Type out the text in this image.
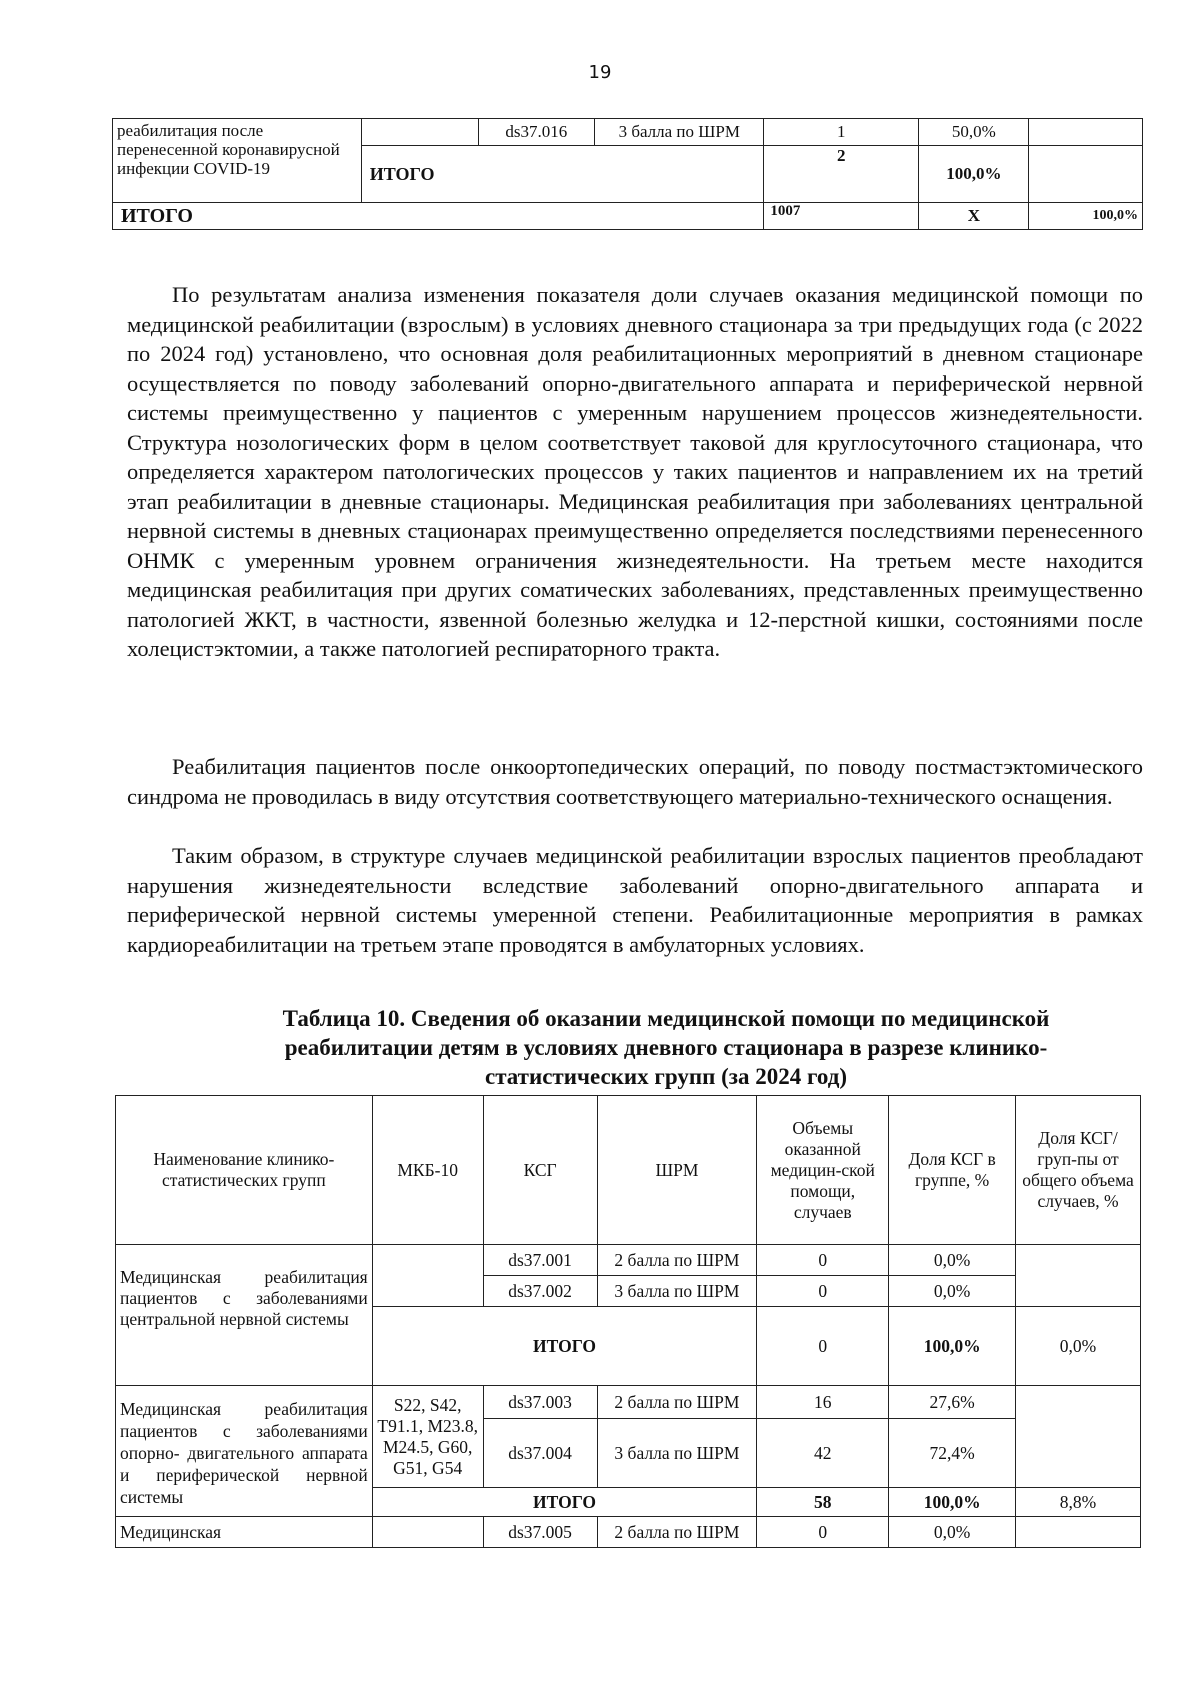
19
реабилитация после перенесенной коронавирусной инфекции COVID-19		ds37.016	3 балла по ШРМ	1	50,0%	
	ИТОГО			2	100,0%	
ИТОГО				1007	X	100,0%

По результатам анализа изменения показателя доли случаев оказания медицинской помощи по медицинской реабилитации (взрослым) в условиях дневного стационара за три предыдущих года (с 2022 по 2024 год) установлено, что основная доля реабилитационных мероприятий в дневном стационаре осуществляется по поводу заболеваний опорно-двигательного аппарата и периферической нервной системы преимущественно у пациентов с умеренным нарушением процессов жизнедеятельности. Структура нозологических форм в целом соответствует таковой для круглосуточного стационара, что определяется характером патологических процессов у таких пациентов и направлением их на третий этап реабилитации в дневные стационары. Медицинская реабилитация при заболеваниях центральной нервной системы в дневных стационарах преимущественно определяется последствиями перенесенного ОНМК с умеренным уровнем ограничения жизнедеятельности. На третьем месте находится медицинская реабилитация при других соматических заболеваниях, представленных преимущественно патологией ЖКТ, в частности, язвенной болезнью желудка и 12-перстной кишки, состояниями после холецистэктомии, а также патологией респираторного тракта.

Реабилитация пациентов после онкоортопедических операций, по поводу постмастэктомического синдрома не проводилась в виду отсутствия соответствующего материально-технического оснащения.

Таким образом, в структуре случаев медицинской реабилитации взрослых пациентов преобладают нарушения жизнедеятельности вследствие заболеваний опорно-двигательного аппарата и периферической нервной системы умеренной степени. Реабилитационные мероприятия в рамках кардиореабилитации на третьем этапе проводятся в амбулаторных условиях.

Таблица 10. Сведения об оказании медицинской помощи по медицинской реабилитации детям в условиях дневного стационара в разрезе клинико-статистических групп (за 2024 год)

Наименование клинико-статистических групп	МКБ-10	КСГ	ШРМ	Объемы оказанной медицин-ской помощи, случаев	Доля КСГ в группе, %	Доля КСГ/груп-пы от общего объема случаев, %
Медицинская реабилитация пациентов с заболеваниями центральной нервной системы		ds37.001	2 балла по ШРМ	0	0,0%	
		ds37.002	3 балла по ШРМ	0	0,0%	
	ИТОГО			0	100,0%	0,0%
Медицинская реабилитация пациентов с заболеваниями опорно- двигательного аппарата и периферической нервной системы	S22, S42, T91.1, M23.8, M24.5, G60, G51, G54	ds37.003	2 балла по ШРМ	16	27,6%	
		ds37.004	3 балла по ШРМ	42	72,4%	
	ИТОГО			58	100,0%	8,8%
Медицинская		ds37.005	2 балла по ШРМ	0	0,0%	
